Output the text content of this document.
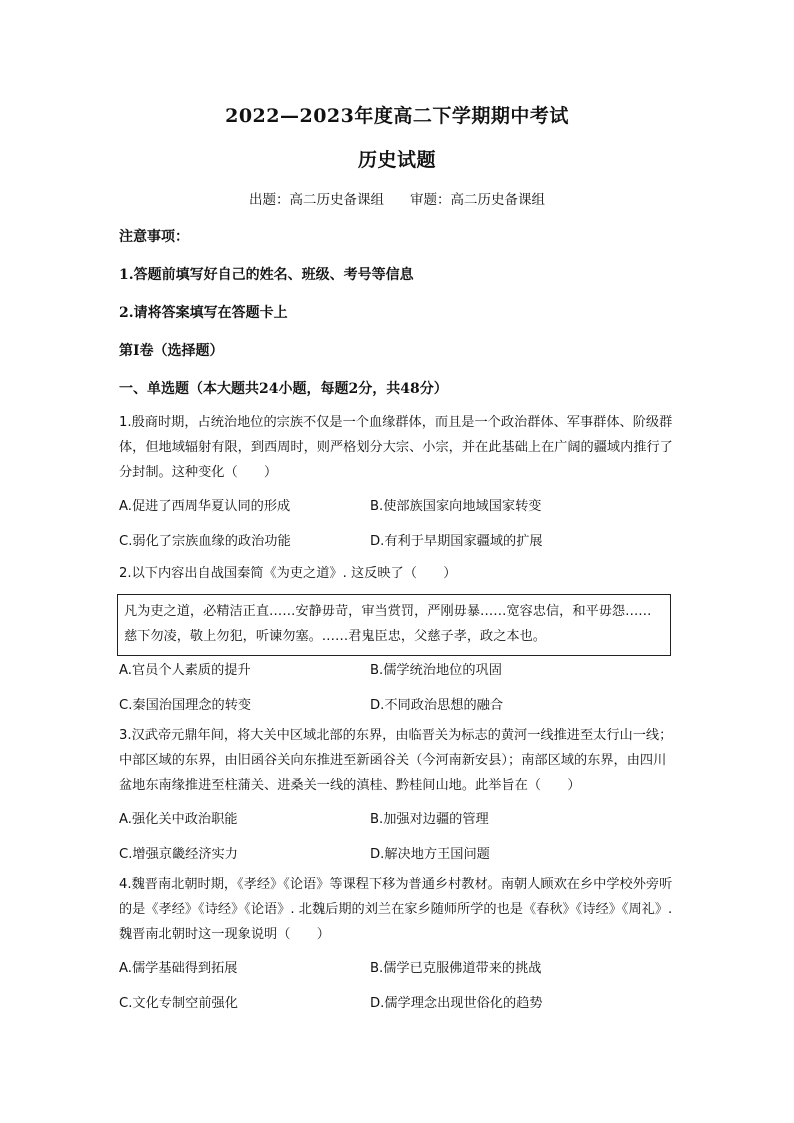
2022—2023年度高二下学期期中考试
历史试题
出题：高二历史备课组 审题：高二历史备课组
注意事项：
1.答题前填写好自己的姓名、班级、考号等信息
2.请将答案填写在答题卡上
第I卷（选择题）
一、单选题（本大题共24小题，每题2分，共48分）
1.殷商时期，占统治地位的宗族不仅是一个血缘群体，而且是一个政治群体、军事群体、阶级群体，但地域辐射有限，到西周时，则严格划分大宗、小宗，并在此基础上在广阔的疆域内推行了分封制。这种变化（　　）
A.促进了西周华夏认同的形成	B.使部族国家向地域国家转变
C.弱化了宗族血缘的政治功能	D.有利于早期国家疆域的扩展
2.以下内容出自战国秦简《为吏之道》. 这反映了（　　）
凡为吏之道，必精洁正直……安静毋苛，审当赏罚，严刚毋暴……宽容忠信，和平毋怨……慈下勿凌，敬上勿犯，听谏勿塞。……君鬼臣忠，父慈子孝，政之本也。
A.官员个人素质的提升	B.儒学统治地位的巩固
C.秦国治国理念的转变	D.不同政治思想的融合
3.汉武帝元鼎年间，将大关中区域北部的东界，由临晋关为标志的黄河一线推进至太行山一线；中部区域的东界，由旧函谷关向东推进至新函谷关（今河南新安县）；南部区域的东界，由四川盆地东南缘推进至柱蒲关、进桑关一线的滇桂、黔桂间山地。此举旨在（　　）
A.强化关中政治职能	B.加强对边疆的管理
C.增强京畿经济实力	D.解决地方王国问题
4.魏晋南北朝时期，《孝经》《论语》等课程下移为普通乡村教材。南朝人顾欢在乡中学校外旁听的是《孝经》《诗经》《论语》. 北魏后期的刘兰在家乡随师所学的也是《春秋》《诗经》《周礼》. 魏晋南北朝时这一现象说明（　　）
A.儒学基础得到拓展	B.儒学已克服佛道带来的挑战
C.文化专制空前强化	D.儒学理念出现世俗化的趋势
